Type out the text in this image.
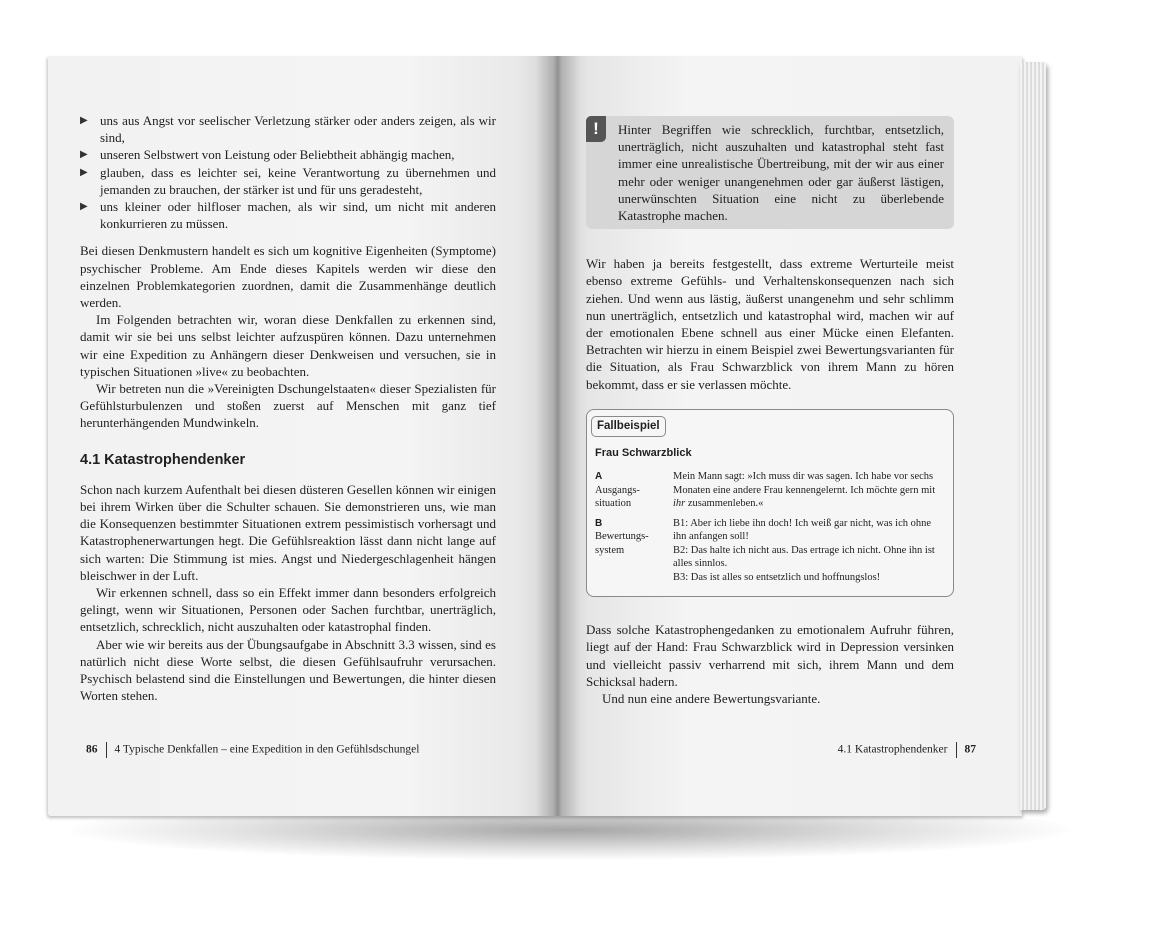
▶ uns aus Angst vor seelischer Verletzung stärker oder anders zeigen, als wir sind,
▶ unseren Selbstwert von Leistung oder Beliebtheit abhängig machen,
▶ glauben, dass es leichter sei, keine Verantwortung zu übernehmen und jemanden zu brauchen, der stärker ist und für uns geradesteht,
▶ uns kleiner oder hilfloser machen, als wir sind, um nicht mit anderen konkurrieren zu müssen.

Bei diesen Denkmustern handelt es sich um kognitive Eigenheiten (Symptome) psychischer Probleme. Am Ende dieses Kapitels werden wir diese den einzelnen Problemkategorien zuordnen, damit die Zusammenhänge deutlich werden.

Im Folgenden betrachten wir, woran diese Denkfallen zu erkennen sind, damit wir sie bei uns selbst leichter aufzuspüren können. Dazu unternehmen wir eine Expedition zu Anhängern dieser Denkweisen und versuchen, sie in typischen Situationen »live« zu beobachten.

Wir betreten nun die »Vereinigten Dschungelstaaten« dieser Spezialisten für Gefühlsturbulenzen und stoßen zuerst auf Menschen mit ganz tief herunterhängenden Mundwinkeln.

4.1 Katastrophendenker

Schon nach kurzem Aufenthalt bei diesen düsteren Gesellen können wir einigen bei ihrem Wirken über die Schulter schauen. Sie demonstrieren uns, wie man die Konsequenzen bestimmter Situationen extrem pessimistisch vorhersagt und Katastrophenerwartungen hegt. Die Gefühlsreaktion lässt dann nicht lange auf sich warten: Die Stimmung ist mies. Angst und Niedergeschlagenheit hängen bleischwer in der Luft.

Wir erkennen schnell, dass so ein Effekt immer dann besonders erfolgreich gelingt, wenn wir Situationen, Personen oder Sachen furchtbar, unerträglich, entsetzlich, schrecklich, nicht auszuhalten oder katastrophal finden.

Aber wie wir bereits aus der Übungsaufgabe in Abschnitt 3.3 wissen, sind es natürlich nicht diese Worte selbst, die diesen Gefühlsaufruhr verursachen. Psychisch belastend sind die Einstellungen und Bewertungen, die hinter diesen Worten stehen.

86 4 Typische Denkfallen – eine Expedition in den Gefühlsdschungel
!	Hinter Begriffen wie schrecklich, furchtbar, entsetzlich, unerträglich, nicht auszuhalten und katastrophal steht fast immer eine unrealistische Übertreibung, mit der wir aus einer mehr oder weniger unangenehmen oder gar äußerst lästigen, unerwünschten Situation eine nicht zu überlebende Katastrophe machen.

Wir haben ja bereits festgestellt, dass extreme Werturteile meist ebenso extreme Gefühls- und Verhaltenskonsequenzen nach sich ziehen. Und wenn aus lästig, äußerst unangenehm und sehr schlimm nun unerträglich, entsetzlich und katastrophal wird, machen wir auf der emotionalen Ebene schnell aus einer Mücke einen Elefanten. Betrachten wir hierzu in einem Beispiel zwei Bewertungsvarianten für die Situation, als Frau Schwarzblick von ihrem Mann zu hören bekommt, dass er sie verlassen möchte.

Fallbeispiel
Frau Schwarzblick
A
Ausgangs-situation
Mein Mann sagt: »Ich muss dir was sagen. Ich habe vor sechs Monaten eine andere Frau kennengelernt. Ich möchte gern mit ihr zusammenleben.«
B
Bewertungs-system
B1: Aber ich liebe ihn doch! Ich weiß gar nicht, was ich ohne ihn anfangen soll!
B2: Das halte ich nicht aus. Das ertrage ich nicht. Ohne ihn ist alles sinnlos.
B3: Das ist alles so entsetzlich und hoffnungslos!

Dass solche Katastrophengedanken zu emotionalem Aufruhr führen, liegt auf der Hand: Frau Schwarzblick wird in Depression versinken und vielleicht passiv verharrend mit sich, ihrem Mann und dem Schicksal hadern.

Und nun eine andere Bewertungsvariante.

4.1 Katastrophendenker 87
